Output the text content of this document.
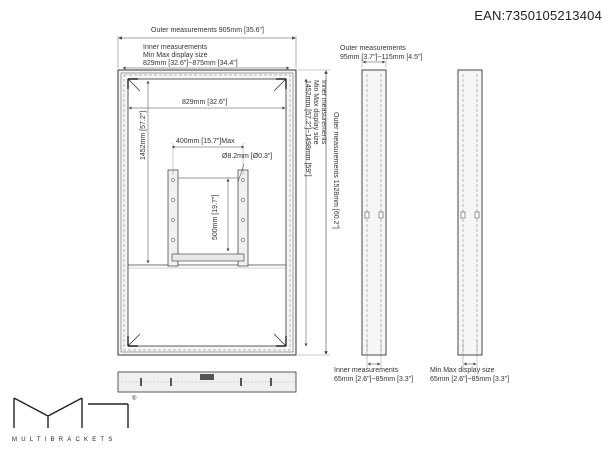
EAN:7350105213404
Outer measurements 905mm [35.6"]
Inner measurements
Min Max display size
829mm [32.6"]~875mm [34.4"]
829mm [32.6"]
1452mm [57.2"]	400mm [15.7"]Max
Ø8.2mm [Ø0.3"]
500mm [19.7"]
Inner measurements
Min Max display size
1452mm [57.2"]~1498mm [59"]	Outer measurements 1528mm [60.2"]
Outer measurements
95mm [3.7"]~115mm [4.5"]
Inner measurements
65mm [2.6"]~85mm [3.3"]
Min Max display size
65mm [2.6"]~85mm [3.3"]
MULTIBRACKETS
®
